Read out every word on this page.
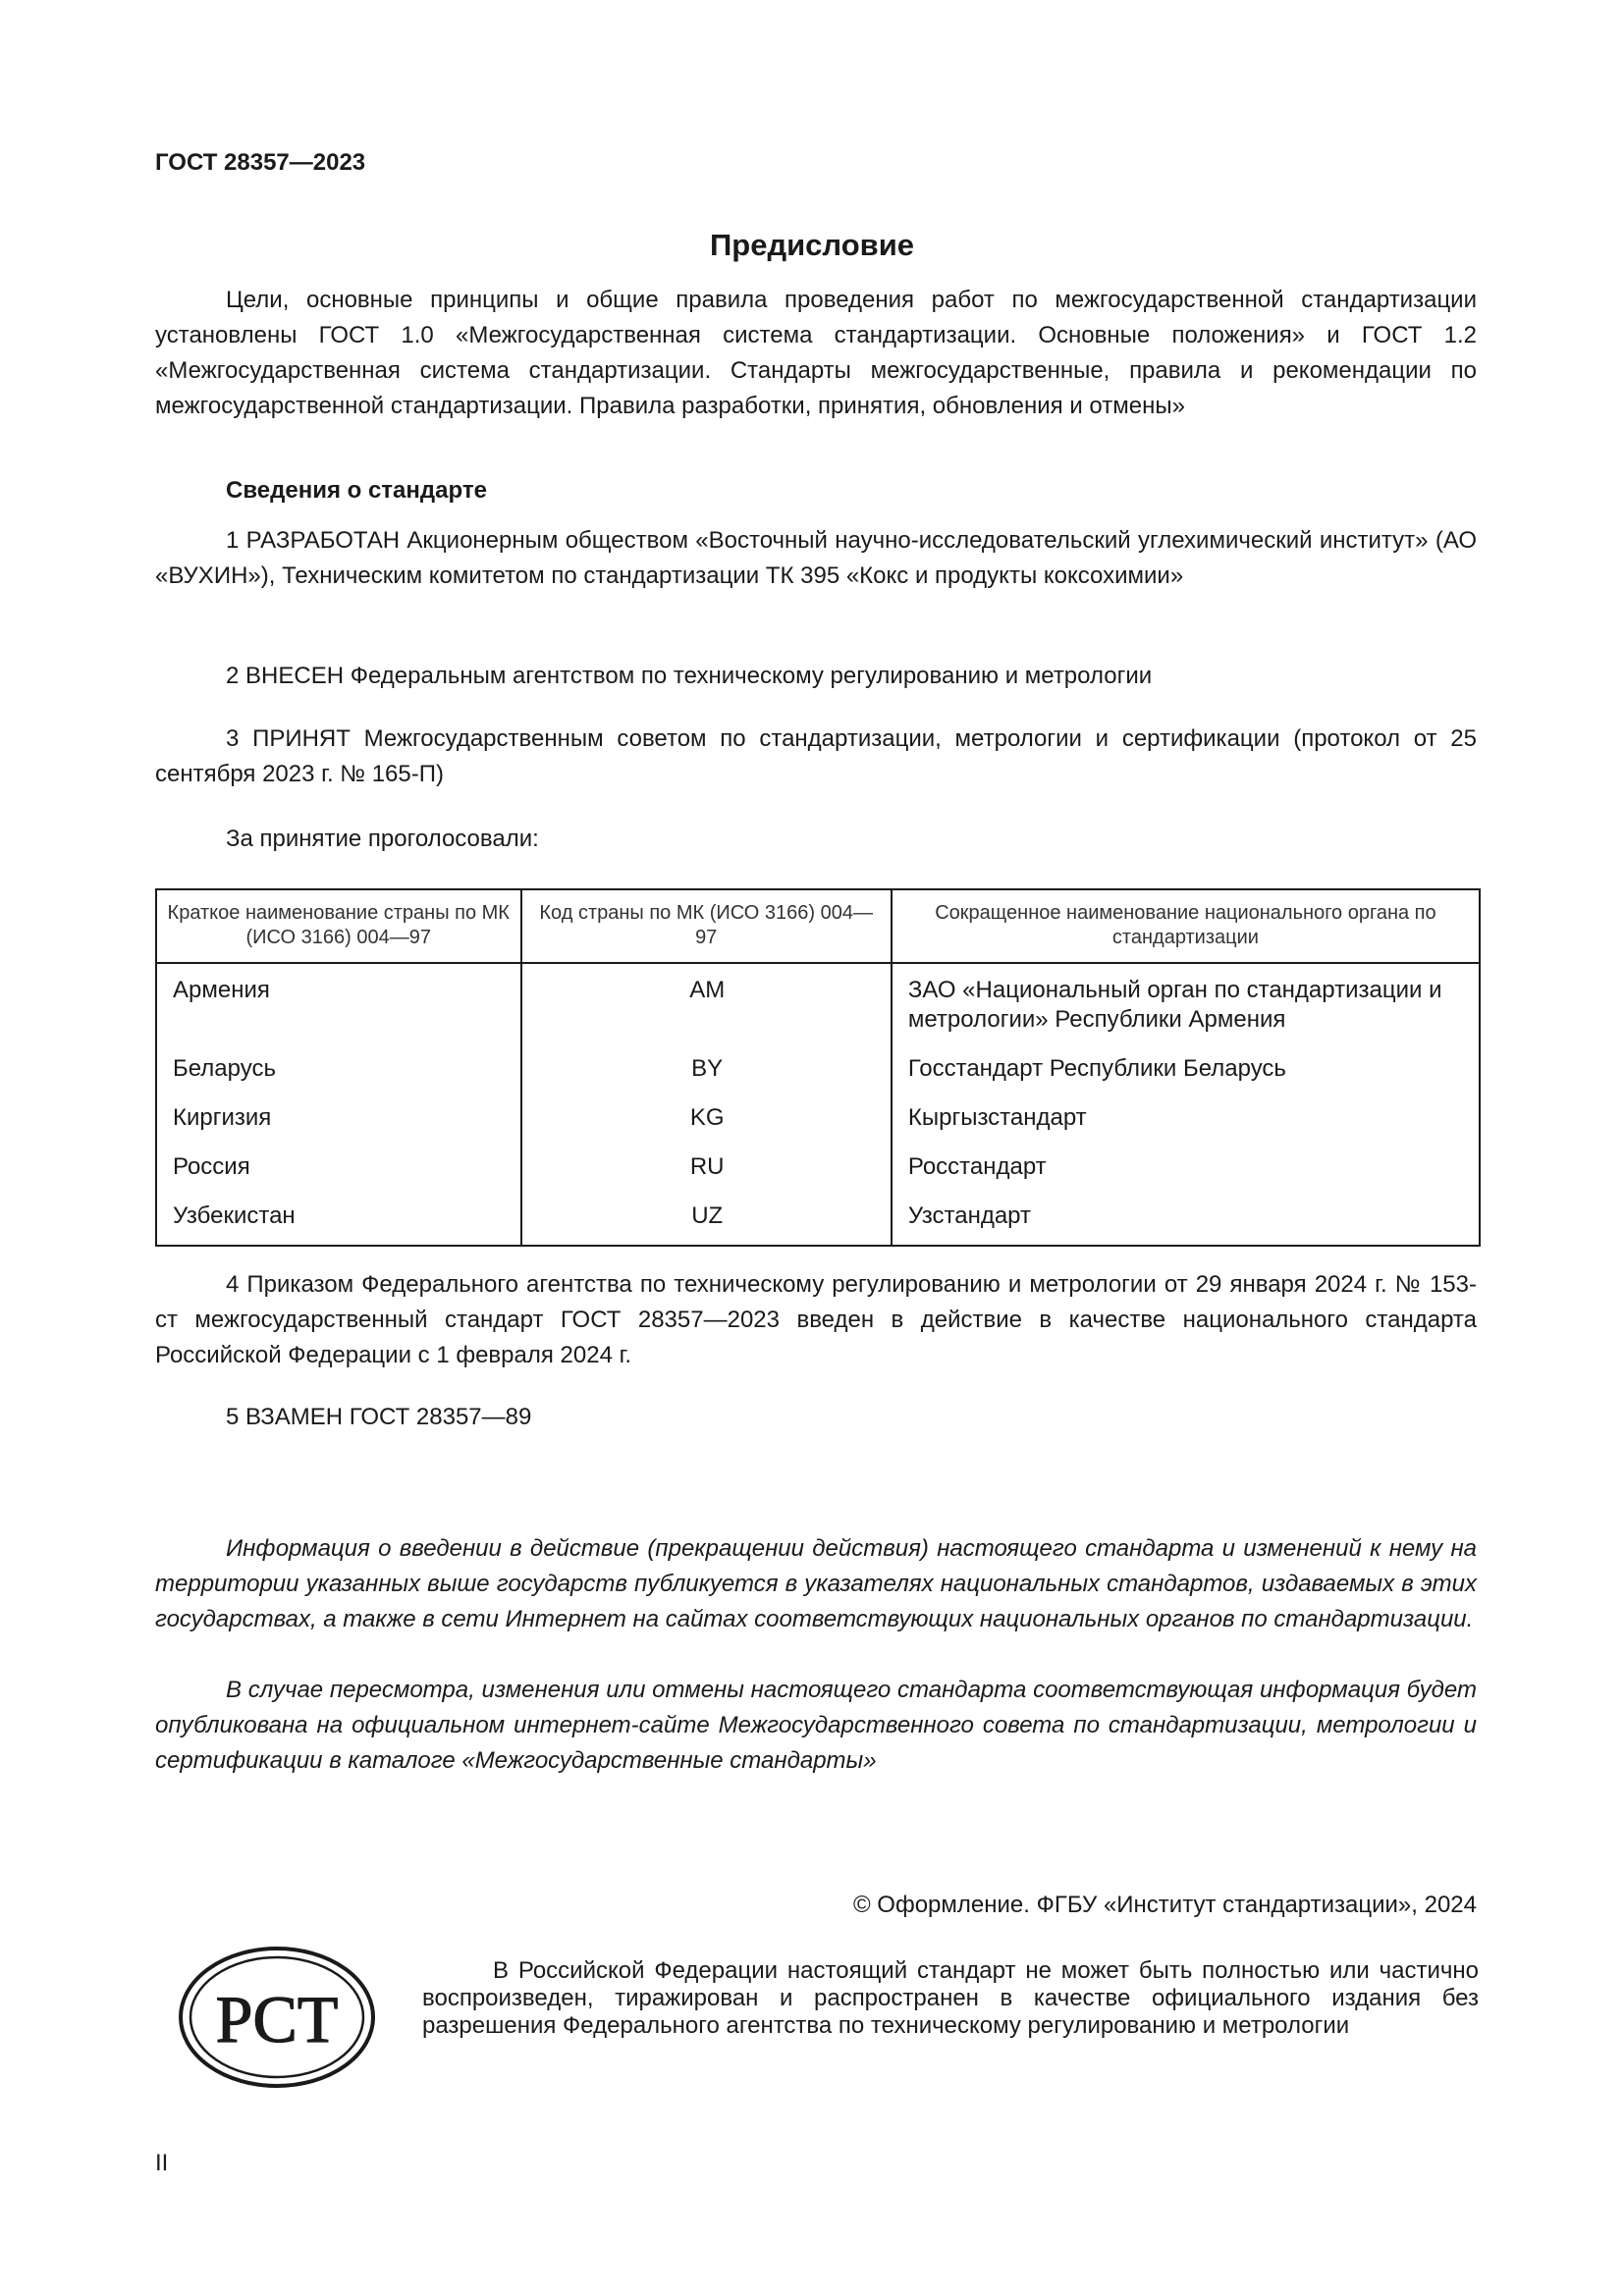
ГОСТ 28357—2023
Предисловие

Цели, основные принципы и общие правила проведения работ по межгосударственной стандартизации установлены ГОСТ 1.0 «Межгосударственная система стандартизации. Основные положения» и ГОСТ 1.2 «Межгосударственная система стандартизации. Стандарты межгосударственные, правила и рекомендации по межгосударственной стандартизации. Правила разработки, принятия, обновления и отмены»

Сведения о стандарте

1 РАЗРАБОТАН Акционерным обществом «Восточный научно-исследовательский углехимический институт» (АО «ВУХИН»), Техническим комитетом по стандартизации ТК 395 «Кокс и продукты коксохимии»

2 ВНЕСЕН Федеральным агентством по техническому регулированию и метрологии

3 ПРИНЯТ Межгосударственным советом по стандартизации, метрологии и сертификации (протокол от 25 сентября 2023 г. № 165-П)

За принятие проголосовали:

Краткое наименование страны по МК (ИСО 3166) 004—97	Код страны по МК (ИСО 3166) 004—97	Сокращенное наименование национального органа по стандартизации
Армения	AM	ЗАО «Национальный орган по стандартизации и метрологии» Республики Армения
Беларусь	BY	Госстандарт Республики Беларусь
Киргизия	KG	Кыргызстандарт
Россия	RU	Росстандарт
Узбекистан	UZ	Узстандарт

4 Приказом Федерального агентства по техническому регулированию и метрологии от 29 января 2024 г. № 153-ст межгосударственный стандарт ГОСТ 28357—2023 введен в действие в качестве национального стандарта Российской Федерации с 1 февраля 2024 г.

5 ВЗАМЕН ГОСТ 28357—89

Информация о введении в действие (прекращении действия) настоящего стандарта и изменений к нему на территории указанных выше государств публикуется в указателях национальных стандартов, издаваемых в этих государствах, а также в сети Интернет на сайтах соответствующих национальных органов по стандартизации.

В случае пересмотра, изменения или отмены настоящего стандарта соответствующая информация будет опубликована на официальном интернет-сайте Межгосударственного совета по стандартизации, метрологии и сертификации в каталоге «Межгосударственные стандарты»

© Оформление. ФГБУ «Институт стандартизации», 2024
PCT

В Российской Федерации настоящий стандарт не может быть полностью или частично воспроизведен, тиражирован и распространен в качестве официального издания без разрешения Федерального агентства по техническому регулированию и метрологии

II
